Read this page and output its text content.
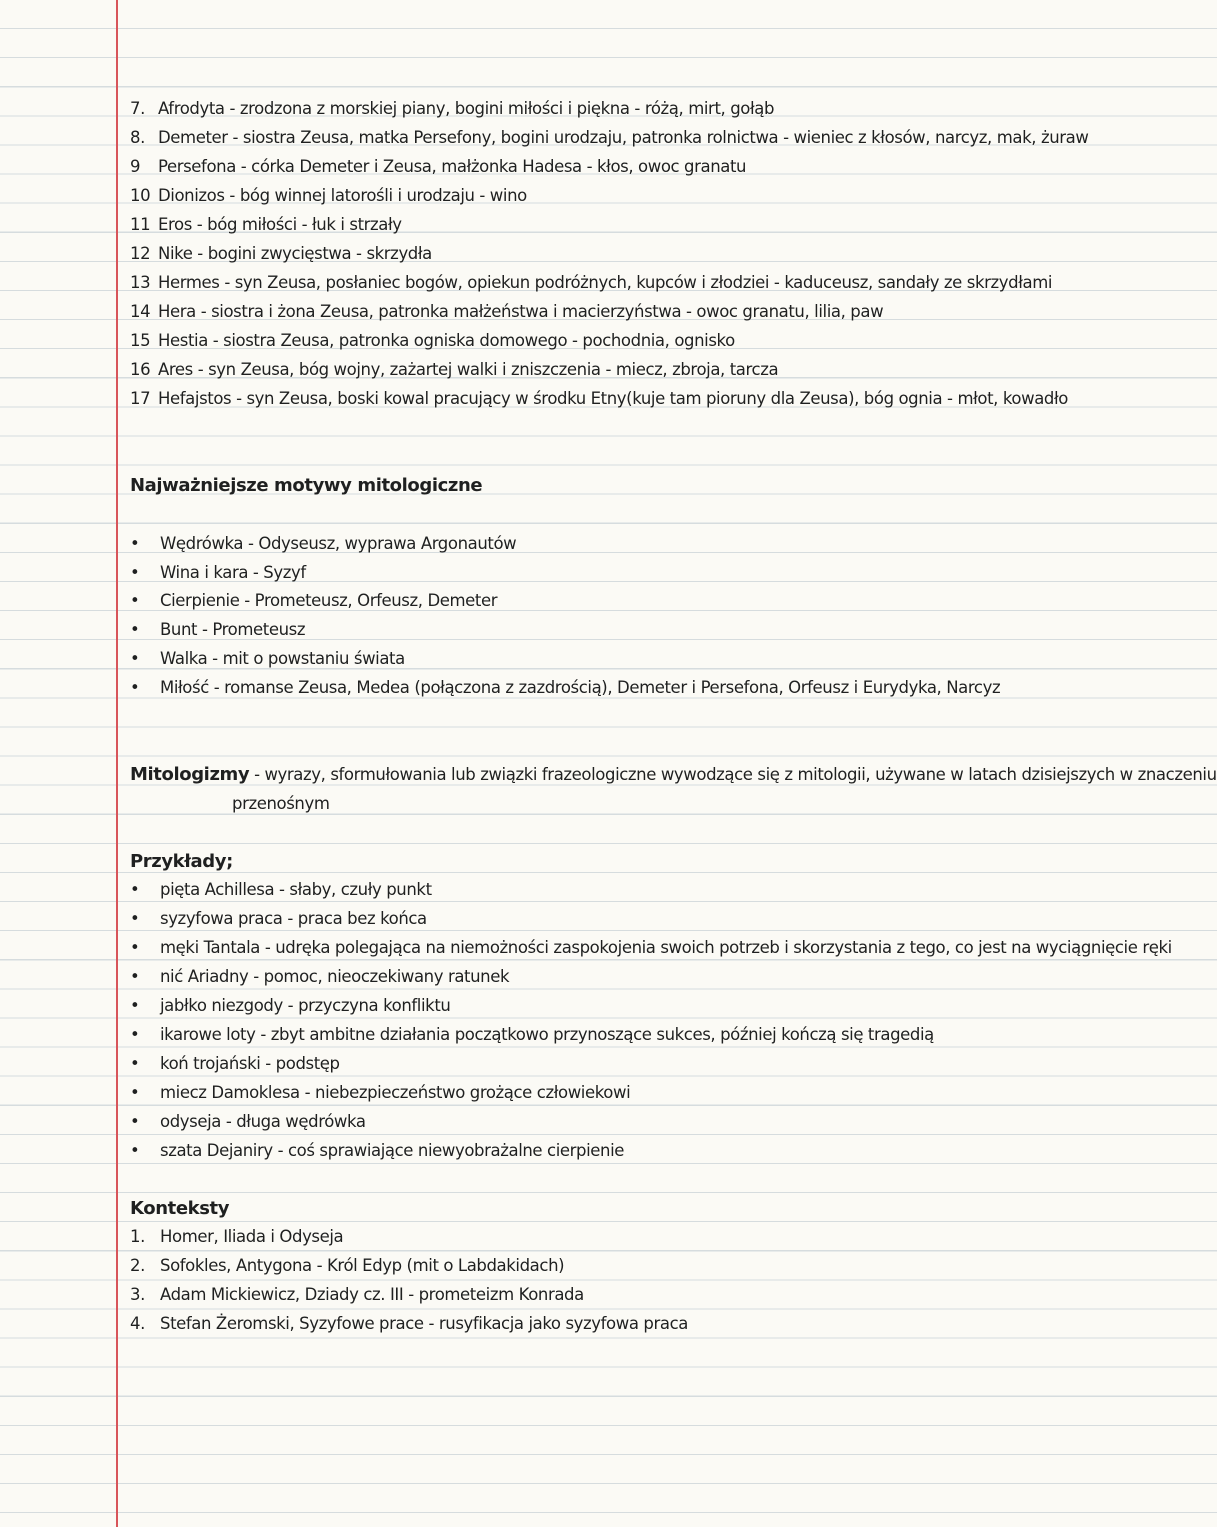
7. Afrodyta - zrodzona z morskiej piany, bogini miłości i piękna - różą, mirt, gołąb
8. Demeter - siostra Zeusa, matka Persefony, bogini urodzaju, patronka rolnictwa - wieniec z kłosów, narcyz, mak, żuraw
9 Persefona - córka Demeter i Zeusa, małżonka Hadesa - kłos, owoc granatu
10 Dionizos - bóg winnej latorośli i urodzaju - wino
11 Eros - bóg miłości - łuk i strzały
12 Nike - bogini zwycięstwa - skrzydła
13 Hermes - syn Zeusa, posłaniec bogów, opiekun podróżnych, kupców i złodziei - kaduceusz, sandały ze skrzydłami
14 Hera - siostra i żona Zeusa, patronka małżeństwa i macierzyństwa - owoc granatu, lilia, paw
15 Hestia - siostra Zeusa, patronka ogniska domowego - pochodnia, ognisko
16 Ares - syn Zeusa, bóg wojny, zażartej walki i zniszczenia - miecz, zbroja, tarcza
17 Hefajstos - syn Zeusa, boski kowal pracujący w środku Etny(kuje tam pioruny dla Zeusa), bóg ognia - młot, kowadło
Najważniejsze motywy mitologiczne
• Wędrówka - Odyseusz, wyprawa Argonautów
• Wina i kara - Syzyf
• Cierpienie - Prometeusz, Orfeusz, Demeter
• Bunt - Prometeusz
• Walka - mit o powstaniu świata
• Miłość - romanse Zeusa, Medea (połączona z zazdrością), Demeter i Persefona, Orfeusz i Eurydyka, Narcyz
Mitologizmy - wyrazy, sformułowania lub związki frazeologiczne wywodzące się z mitologii, używane w latach dzisiejszych w znaczeniu
przenośnym
Przykłady;
• pięta Achillesa - słaby, czuły punkt
• syzyfowa praca - praca bez końca
• męki Tantala - udręka polegająca na niemożności zaspokojenia swoich potrzeb i skorzystania z tego, co jest na wyciągnięcie ręki
• nić Ariadny - pomoc, nieoczekiwany ratunek
• jabłko niezgody - przyczyna konfliktu
• ikarowe loty - zbyt ambitne działania początkowo przynoszące sukces, później kończą się tragedią
• koń trojański - podstęp
• miecz Damoklesa - niebezpieczeństwo grożące człowiekowi
• odyseja - długa wędrówka
• szata Dejaniry - coś sprawiające niewyobrażalne cierpienie
Konteksty
1. Homer, Iliada i Odyseja
2. Sofokles, Antygona - Król Edyp (mit o Labdakidach)
3. Adam Mickiewicz, Dziady cz. III - prometeizm Konrada
4. Stefan Żeromski, Syzyfowe prace - rusyfikacja jako syzyfowa praca
